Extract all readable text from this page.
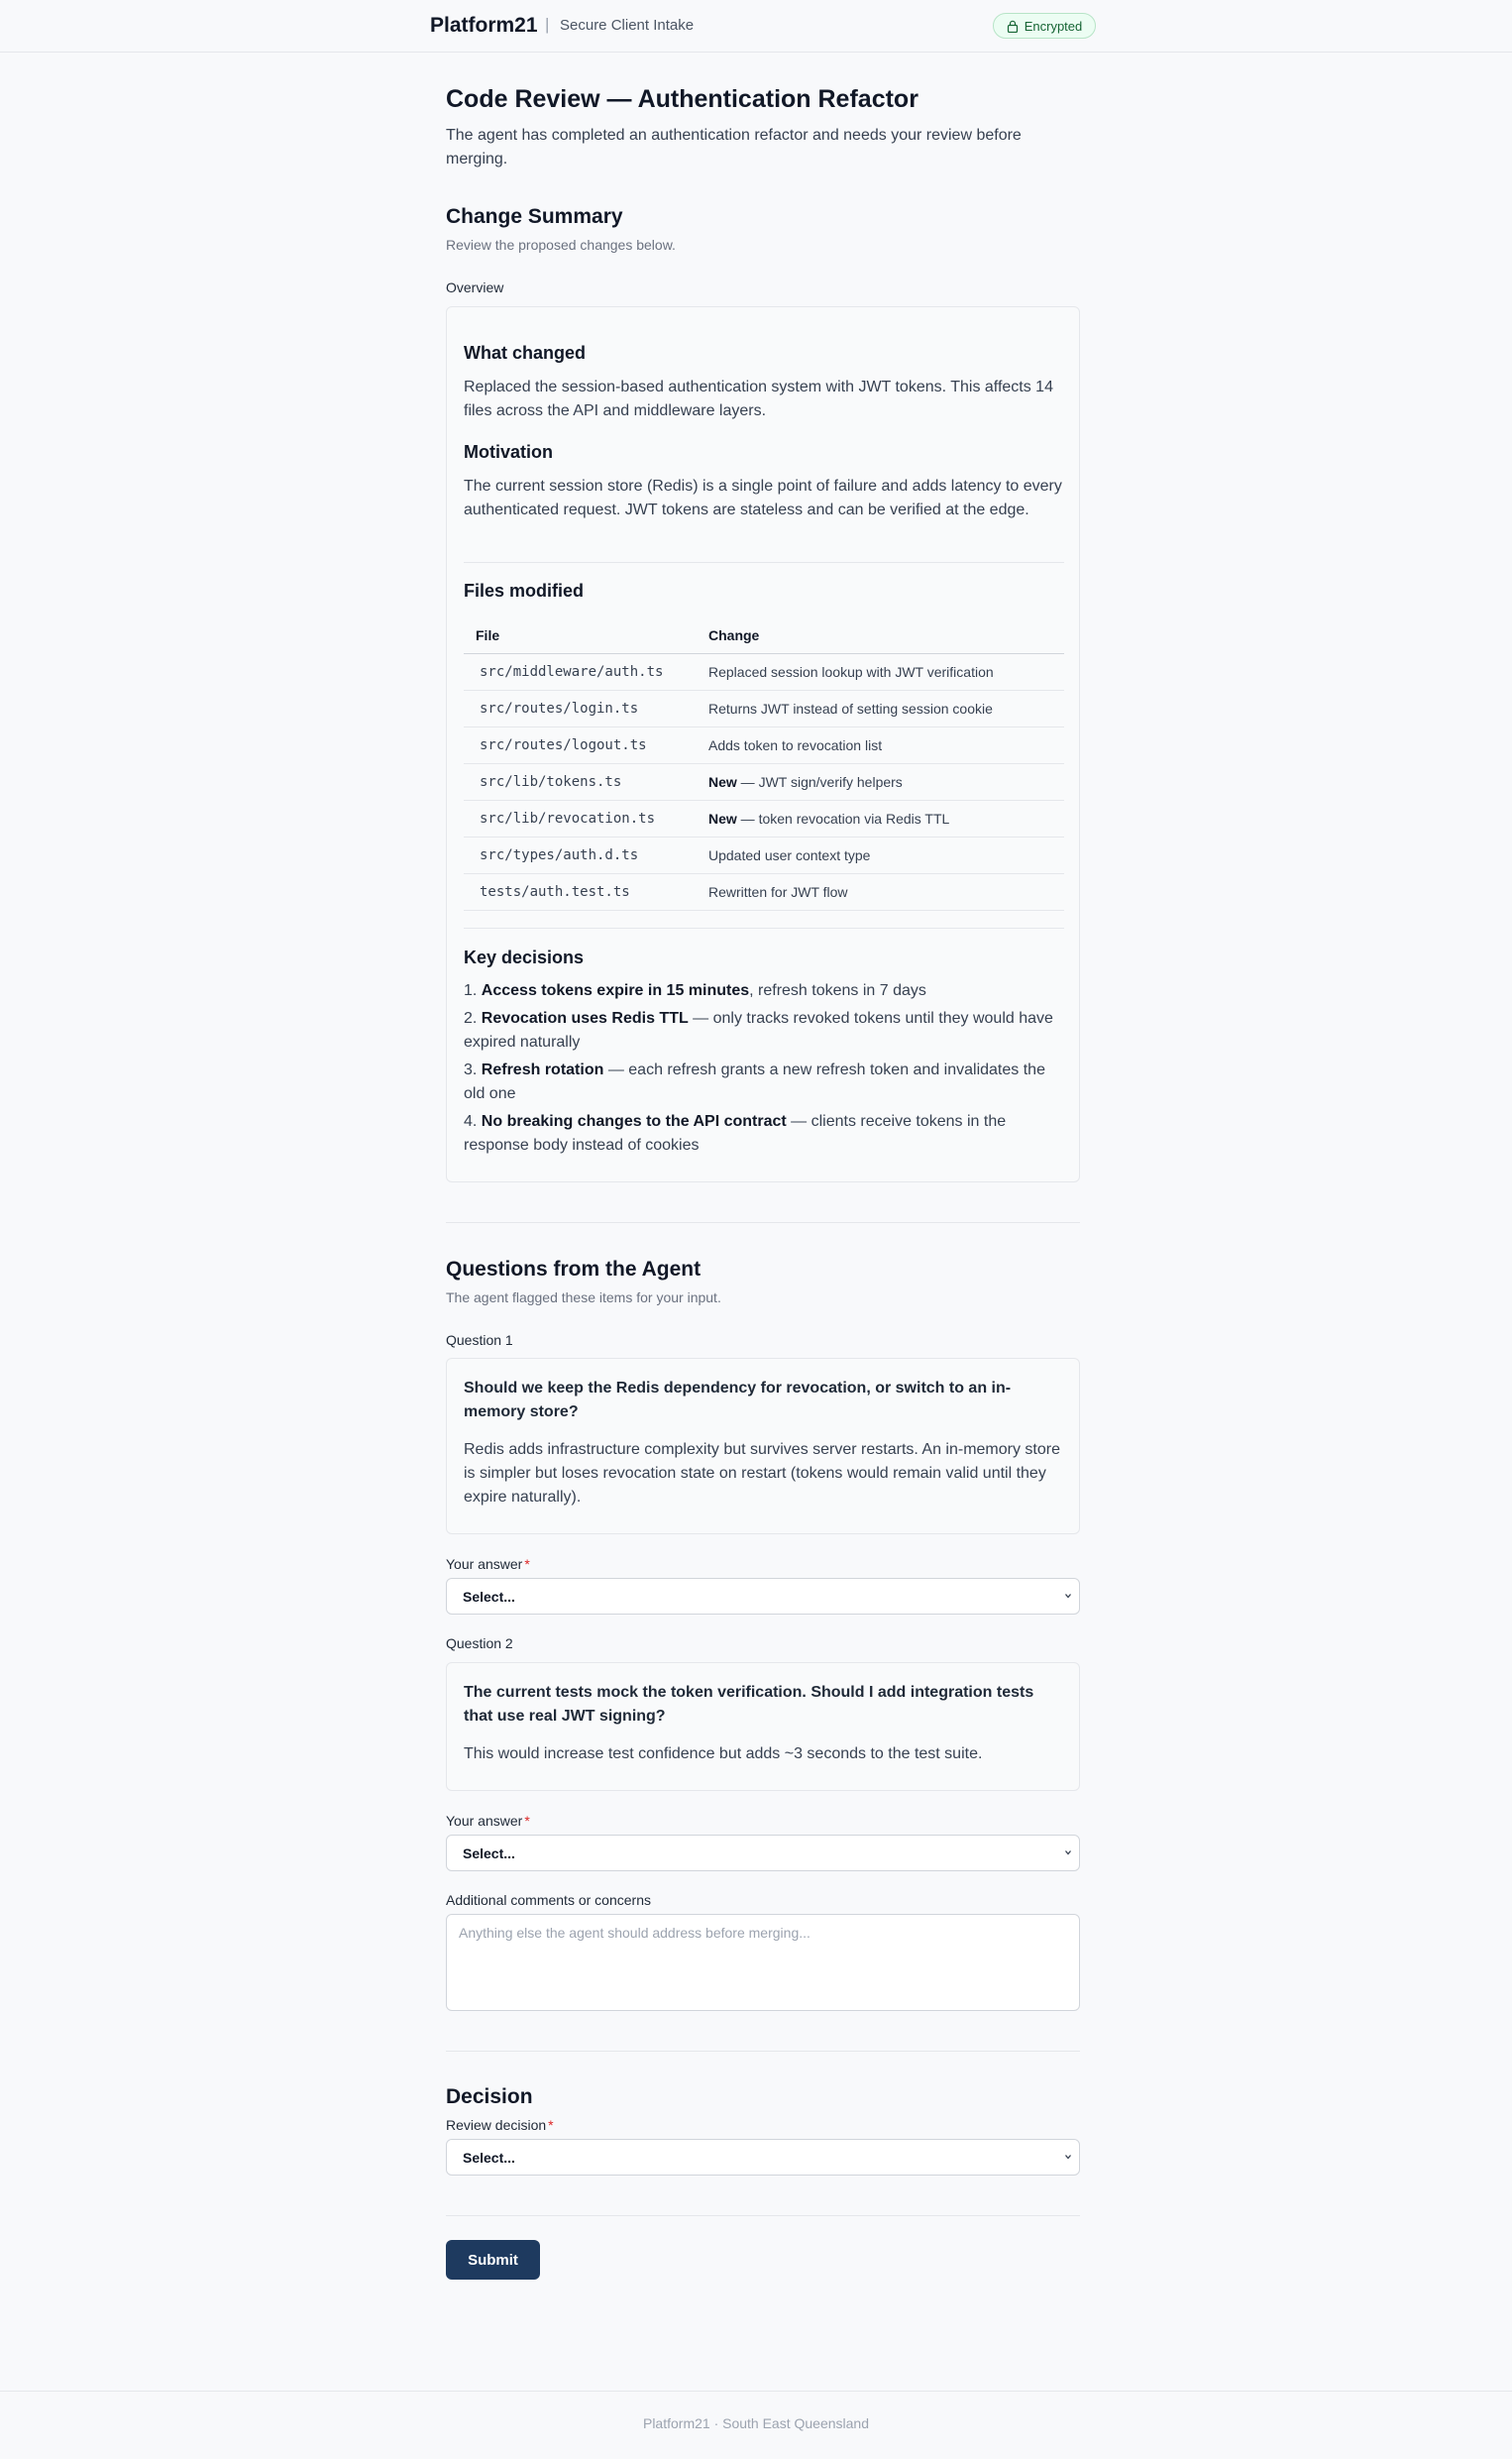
Platform21 | Secure Client Intake	Encrypted
Code Review — Authentication Refactor
The agent has completed an authentication refactor and needs your review before merging.
Change Summary
Review the proposed changes below.
Overview
What changed

Replaced the session-based authentication system with JWT tokens. This affects 14 files across the API and middleware layers.

Motivation

The current session store (Redis) is a single point of failure and adds latency to every authenticated request. JWT tokens are stateless and can be verified at the edge.

Files modified
File	Change
src/middleware/auth.ts	Replaced session lookup with JWT verification
src/routes/login.ts	Returns JWT instead of setting session cookie
src/routes/logout.ts	Adds token to revocation list
src/lib/tokens.ts	New — JWT sign/verify helpers
src/lib/revocation.ts	New — token revocation via Redis TTL
src/types/auth.d.ts	Updated user context type
tests/auth.test.ts	Rewritten for JWT flow
Key decisions
1. Access tokens expire in 15 minutes, refresh tokens in 7 days
2. Revocation uses Redis TTL — only tracks revoked tokens until they would have expired naturally
3. Refresh rotation — each refresh grants a new refresh token and invalidates the old one
4. No breaking changes to the API contract — clients receive tokens in the response body instead of cookies
Questions from the Agent
The agent flagged these items for your input.
Question 1
Should we keep the Redis dependency for revocation, or switch to an in-memory store?
Redis adds infrastructure complexity but survives server restarts. An in-memory store is simpler but loses revocation state on restart (tokens would remain valid until they expire naturally).
Your answer *
Select...
Question 2
The current tests mock the token verification. Should I add integration tests that use real JWT signing?
This would increase test confidence but adds ~3 seconds to the test suite.
Your answer *
Select...
Additional comments or concerns
Anything else the agent should address before merging...
Decision
Review decision *
Select...
Submit
Platform21 · South East Queensland
